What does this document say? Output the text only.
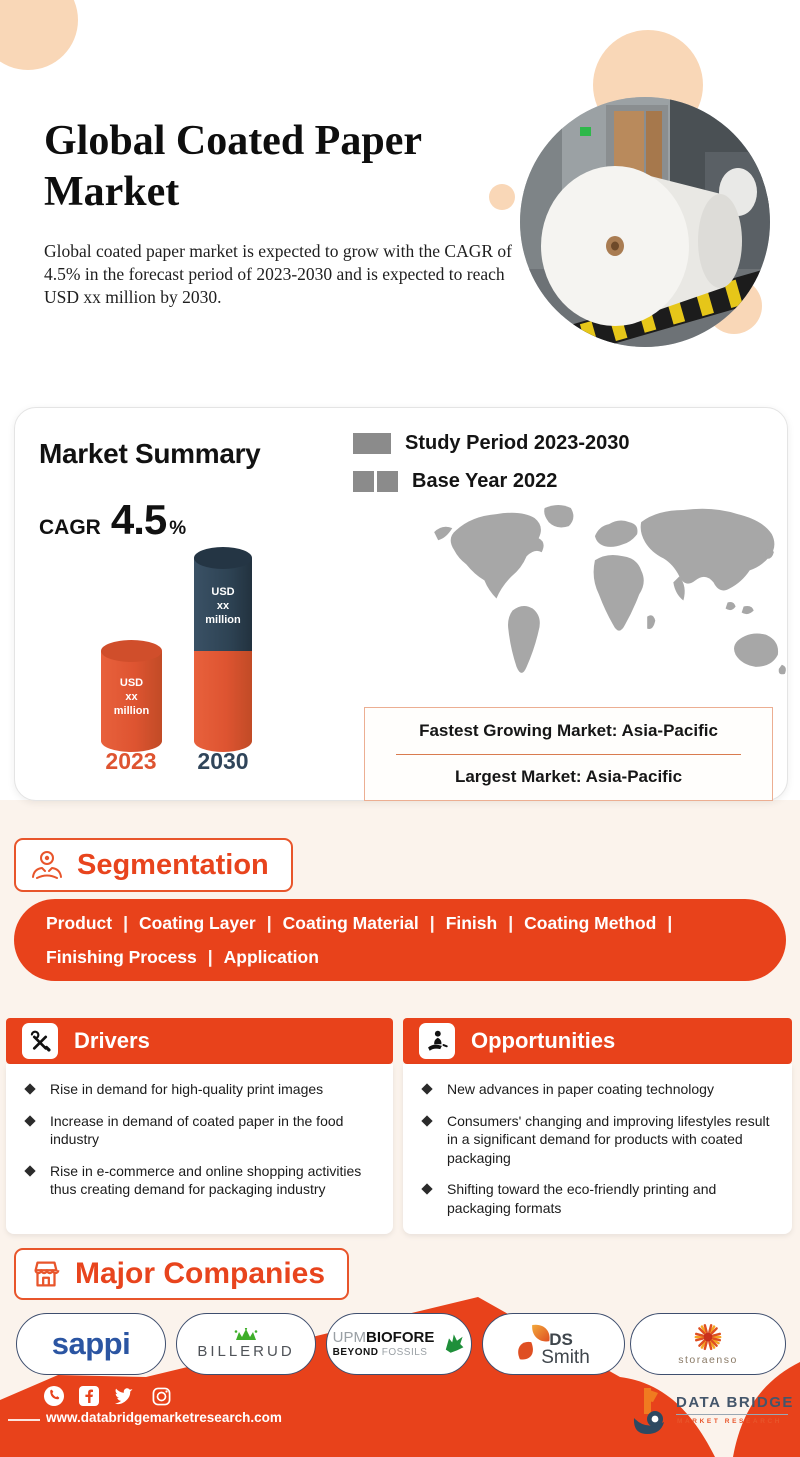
Global Coated Paper
Market
Global coated paper market is expected to grow with the CAGR of 4.5% in the forecast period of 2023-2030 and is expected to reach USD xx million by 2030.
Market Summary	Study Period 2023-2030
Base Year 2022
CAGR 4.5 %
USD
xx
million
USD
xx
million
2023	2030
Fastest Growing Market: Asia-Pacific
Largest Market: Asia-Pacific
Segmentation
Product | Coating Layer | Coating Material | Finish | Coating Method |
Finishing Process | Application
Drivers
Rise in demand for high-quality print images
Increase in demand of coated paper in the food industry
Rise in e-commerce and online shopping activities thus creating demand for packaging industry
Opportunities
New advances in paper coating technology
Consumers' changing and improving lifestyles result in a significant demand for products with coated packaging
Shifting toward the eco-friendly printing and packaging formats
Major Companies
sappi	BILLERUD
UPMBIOFORE
BEYOND FOSSILS
DS
Smith	storaenso
www.databridgemarketresearch.com
DATA BRIDGE
MARKET RESEARCH
